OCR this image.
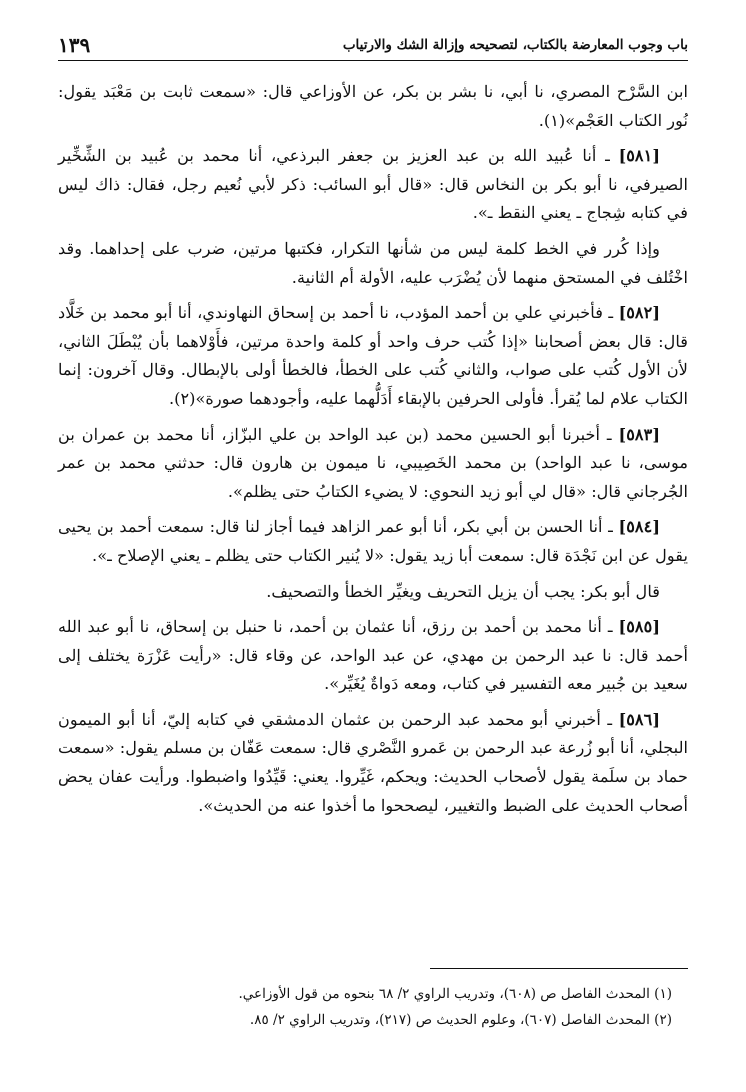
باب وجوب المعارضة بالكتاب، لتصحيحه وإزالة الشك والارتياب
١٣٩

ابن السَّرْح المصري، نا أبي، نا بشر بن بكر، عن الأوزاعي قال: «سمعت ثابت بن مَعْبَد يقول: نُور الكتاب العَجْم»(١).

[٥٨١] ـ أنا عُبيد الله بن عبد العزيز بن جعفر البرذعي، أنا محمد بن عُبيد بن الشِّخِّير الصيرفي، نا أبو بكر بن النخاس قال: «قال أبو السائب: ذكر لأبي نُعيم رجل، فقال: ذاك ليس في كتابه شِجاج ـ يعني النقط ـ».

وإذا كُرر في الخط كلمة ليس من شأنها التكرار، فكتبها مرتين، ضرب على إحداهما. وقد اخْتُلف في المستحق منهما لأن يُضْرَب عليه، الأولة أم الثانية.

[٥٨٢] ـ فأخبرني علي بن أحمد المؤدب، نا أحمد بن إسحاق النهاوندي، أنا أبو محمد بن خَلَّاد قال: قال بعض أصحابنا «إذا كُتب حرف واحد أو كلمة واحدة مرتين، فأَوْلاهما بأن يُبْطَلَ الثاني، لأن الأول كُتب على صواب، والثاني كُتب على الخطأ، فالخطأ أولى بالإبطال. وقال آخرون: إنما الكتاب علام لما يُقرأ. فأولى الحرفين بالإبقاء أَدَلُّهما عليه، وأجودهما صورة»(٢).

[٥٨٣] ـ أخبرنا أبو الحسين محمد (بن عبد الواحد بن علي البزّاز، أنا محمد بن عمران بن موسى، نا عبد الواحد) بن محمد الخَصِيبي، نا ميمون بن هارون قال: حدثني محمد بن عمر الجُرجاني قال: «قال لي أبو زيد النحوي: لا يضيء الكتابُ حتى يظلم».

[٥٨٤] ـ أنا الحسن بن أبي بكر، أنا أبو عمر الزاهد فيما أجاز لنا قال: سمعت أحمد بن يحيى يقول عن ابن نَجْدَة قال: سمعت أبا زيد يقول: «لا يُنير الكتاب حتى يظلم ـ يعني الإصلاح ـ».

قال أبو بكر: يجب أن يزيل التحريف ويغيِّر الخطأ والتصحيف.

[٥٨٥] ـ أنا محمد بن أحمد بن رزق، أنا عثمان بن أحمد، نا حنبل بن إسحاق، نا أبو عبد الله أحمد قال: نا عبد الرحمن بن مهدي، عن عبد الواحد، عن وقاء قال: «رأيت عَزْرَة يختلف إلى سعيد بن جُبير معه التفسير في كتاب، ومعه دَواةٌ يُغَيِّر».

[٥٨٦] ـ أخبرني أبو محمد عبد الرحمن بن عثمان الدمشقي في كتابه إليّ، أنا أبو الميمون البجلي، أنا أبو زُرعة عبد الرحمن بن عَمرو النَّصْري قال: سمعت عَفّان بن مسلم يقول: «سمعت حماد بن سلَمة يقول لأصحاب الحديث: ويحكم، غَيِّروا. يعني: قَيِّدُوا واضبطوا. ورأيت عفان يحض أصحاب الحديث على الضبط والتغيير، ليصححوا ما أخذوا عنه من الحديث».

(١) المحدث الفاصل ص (٦٠٨)، وتدريب الراوي ٢/ ٦٨ بنحوه من قول الأوزاعي.

(٢) المحدث الفاصل (٦٠٧)، وعلوم الحديث ص (٢١٧)، وتدريب الراوي ٢/ ٨٥.
